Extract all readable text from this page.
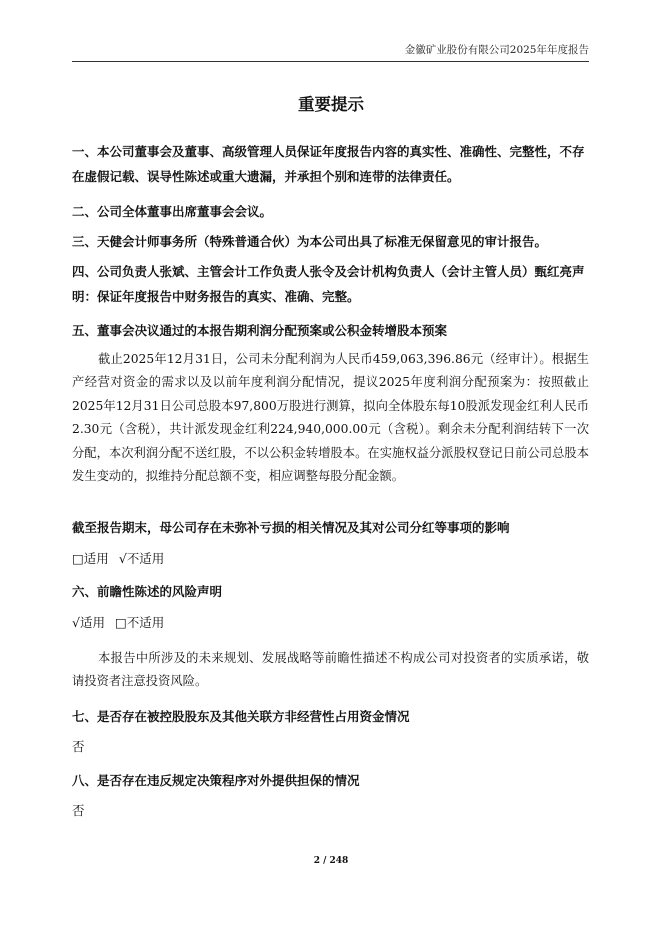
金徽矿业股份有限公司2025年年度报告
重要提示

一、本公司董事会及董事、高级管理人员保证年度报告内容的真实性、准确性、完整性，不存在虚假记载、误导性陈述或重大遗漏，并承担个别和连带的法律责任。

二、公司全体董事出席董事会会议。

三、天健会计师事务所（特殊普通合伙）为本公司出具了标准无保留意见的审计报告。

四、公司负责人张斌、主管会计工作负责人张令及会计机构负责人（会计主管人员）甄红亮声明：保证年度报告中财务报告的真实、准确、完整。

五、董事会决议通过的本报告期利润分配预案或公积金转增股本预案

截止2025年12月31日，公司未分配利润为人民币459,063,396.86元（经审计）。根据生产经营对资金的需求以及以前年度利润分配情况，提议2025年度利润分配预案为：按照截止2025年12月31日公司总股本97,800万股进行测算，拟向全体股东每10股派发现金红利人民币2.30元（含税），共计派发现金红利224,940,000.00元（含税）。剩余未分配利润结转下一次分配，本次利润分配不送红股，不以公积金转增股本。在实施权益分派股权登记日前公司总股本发生变动的，拟维持分配总额不变，相应调整每股分配金额。

截至报告期末，母公司存在未弥补亏损的相关情况及其对公司分红等事项的影响

□适用 √不适用

六、前瞻性陈述的风险声明

√适用 □不适用

本报告中所涉及的未来规划、发展战略等前瞻性描述不构成公司对投资者的实质承诺，敬请投资者注意投资风险。

七、是否存在被控股股东及其他关联方非经营性占用资金情况

否

八、是否存在违反规定决策程序对外提供担保的情况

否

2 / 248
